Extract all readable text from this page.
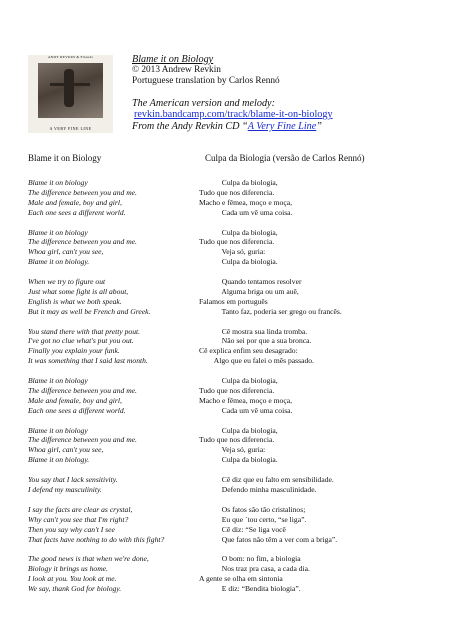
ANDY REVKIN & Friends
A VERY FINE LINE
Blame it on Biology
© 2013 Andrew Revkin
Portuguese translation by Carlos Rennó
The American version and melody:
revkin.bandcamp.com/track/blame-it-on-biology
From the Andy Revkin CD “A Very Fine Line”
Blame it on Biology	Culpa da Biologia (versão de Carlos Rennó)
Blame it on biology
The difference between you and me.
Male and female, boy and girl,
Each one sees a different world.
Blame it on biology
The difference between you and me.
Whoa girl, can't you see,
Blame it on biology.
When we try to figure out
Just what some fight is all about,
English is what we both speak.
But it may as well be French and Greek.
You stand there with that pretty pout.
I've got no clue what's put you out.
Finally you explain your funk.
It was something that I said last month.
Blame it on biology
The difference between you and me.
Male and female, boy and girl,
Each one sees a different world.
Blame it on biology
The difference between you and me.
Whoa girl, can't you see,
Blame it on biology.
You say that I lack sensitivity.
I defend my masculinity.
I say the facts are clear as crystal,
Why can't you see that I'm right?
Then you say why can't I see
That facts have nothing to do with this fight?
The good news is that when we're done,
Biology it brings us home.
I look at you. You look at me.
We say, thank God for biology.
Culpa da biologia,
Tudo que nos diferencia.
Macho e fêmea, moço e moça,
Cada um vê uma coisa.
Culpa da biologia,
Tudo que nos diferencia.
Veja só, guria:
Culpa da biologia.
Quando tentamos resolver
Alguma briga ou um auê,
Falamos em português
Tanto faz, poderia ser grego ou francês.
Cê mostra sua linda tromba.
Não sei por que a sua bronca.
Cê explica enfim seu desagrado:
Algo que eu falei o mês passado.
Culpa da biologia,
Tudo que nos diferencia.
Macho e fêmea, moço e moça,
Cada um vê uma coisa.
Culpa da biologia,
Tudo que nos diferencia.
Veja só, guria:
Culpa da biologia.
Cê diz que eu falto em sensibilidade.
Defendo minha masculinidade.
Os fatos são tão cristalinos;
Eu que ´tou certo, “se liga”.
Cê diz: “Se liga você
Que fatos não têm a ver com a briga”.
O bom: no fim, a biologia
Nos traz pra casa, a cada dia.
A gente se olha em sintonia
E diz: “Bendita biologia”.
